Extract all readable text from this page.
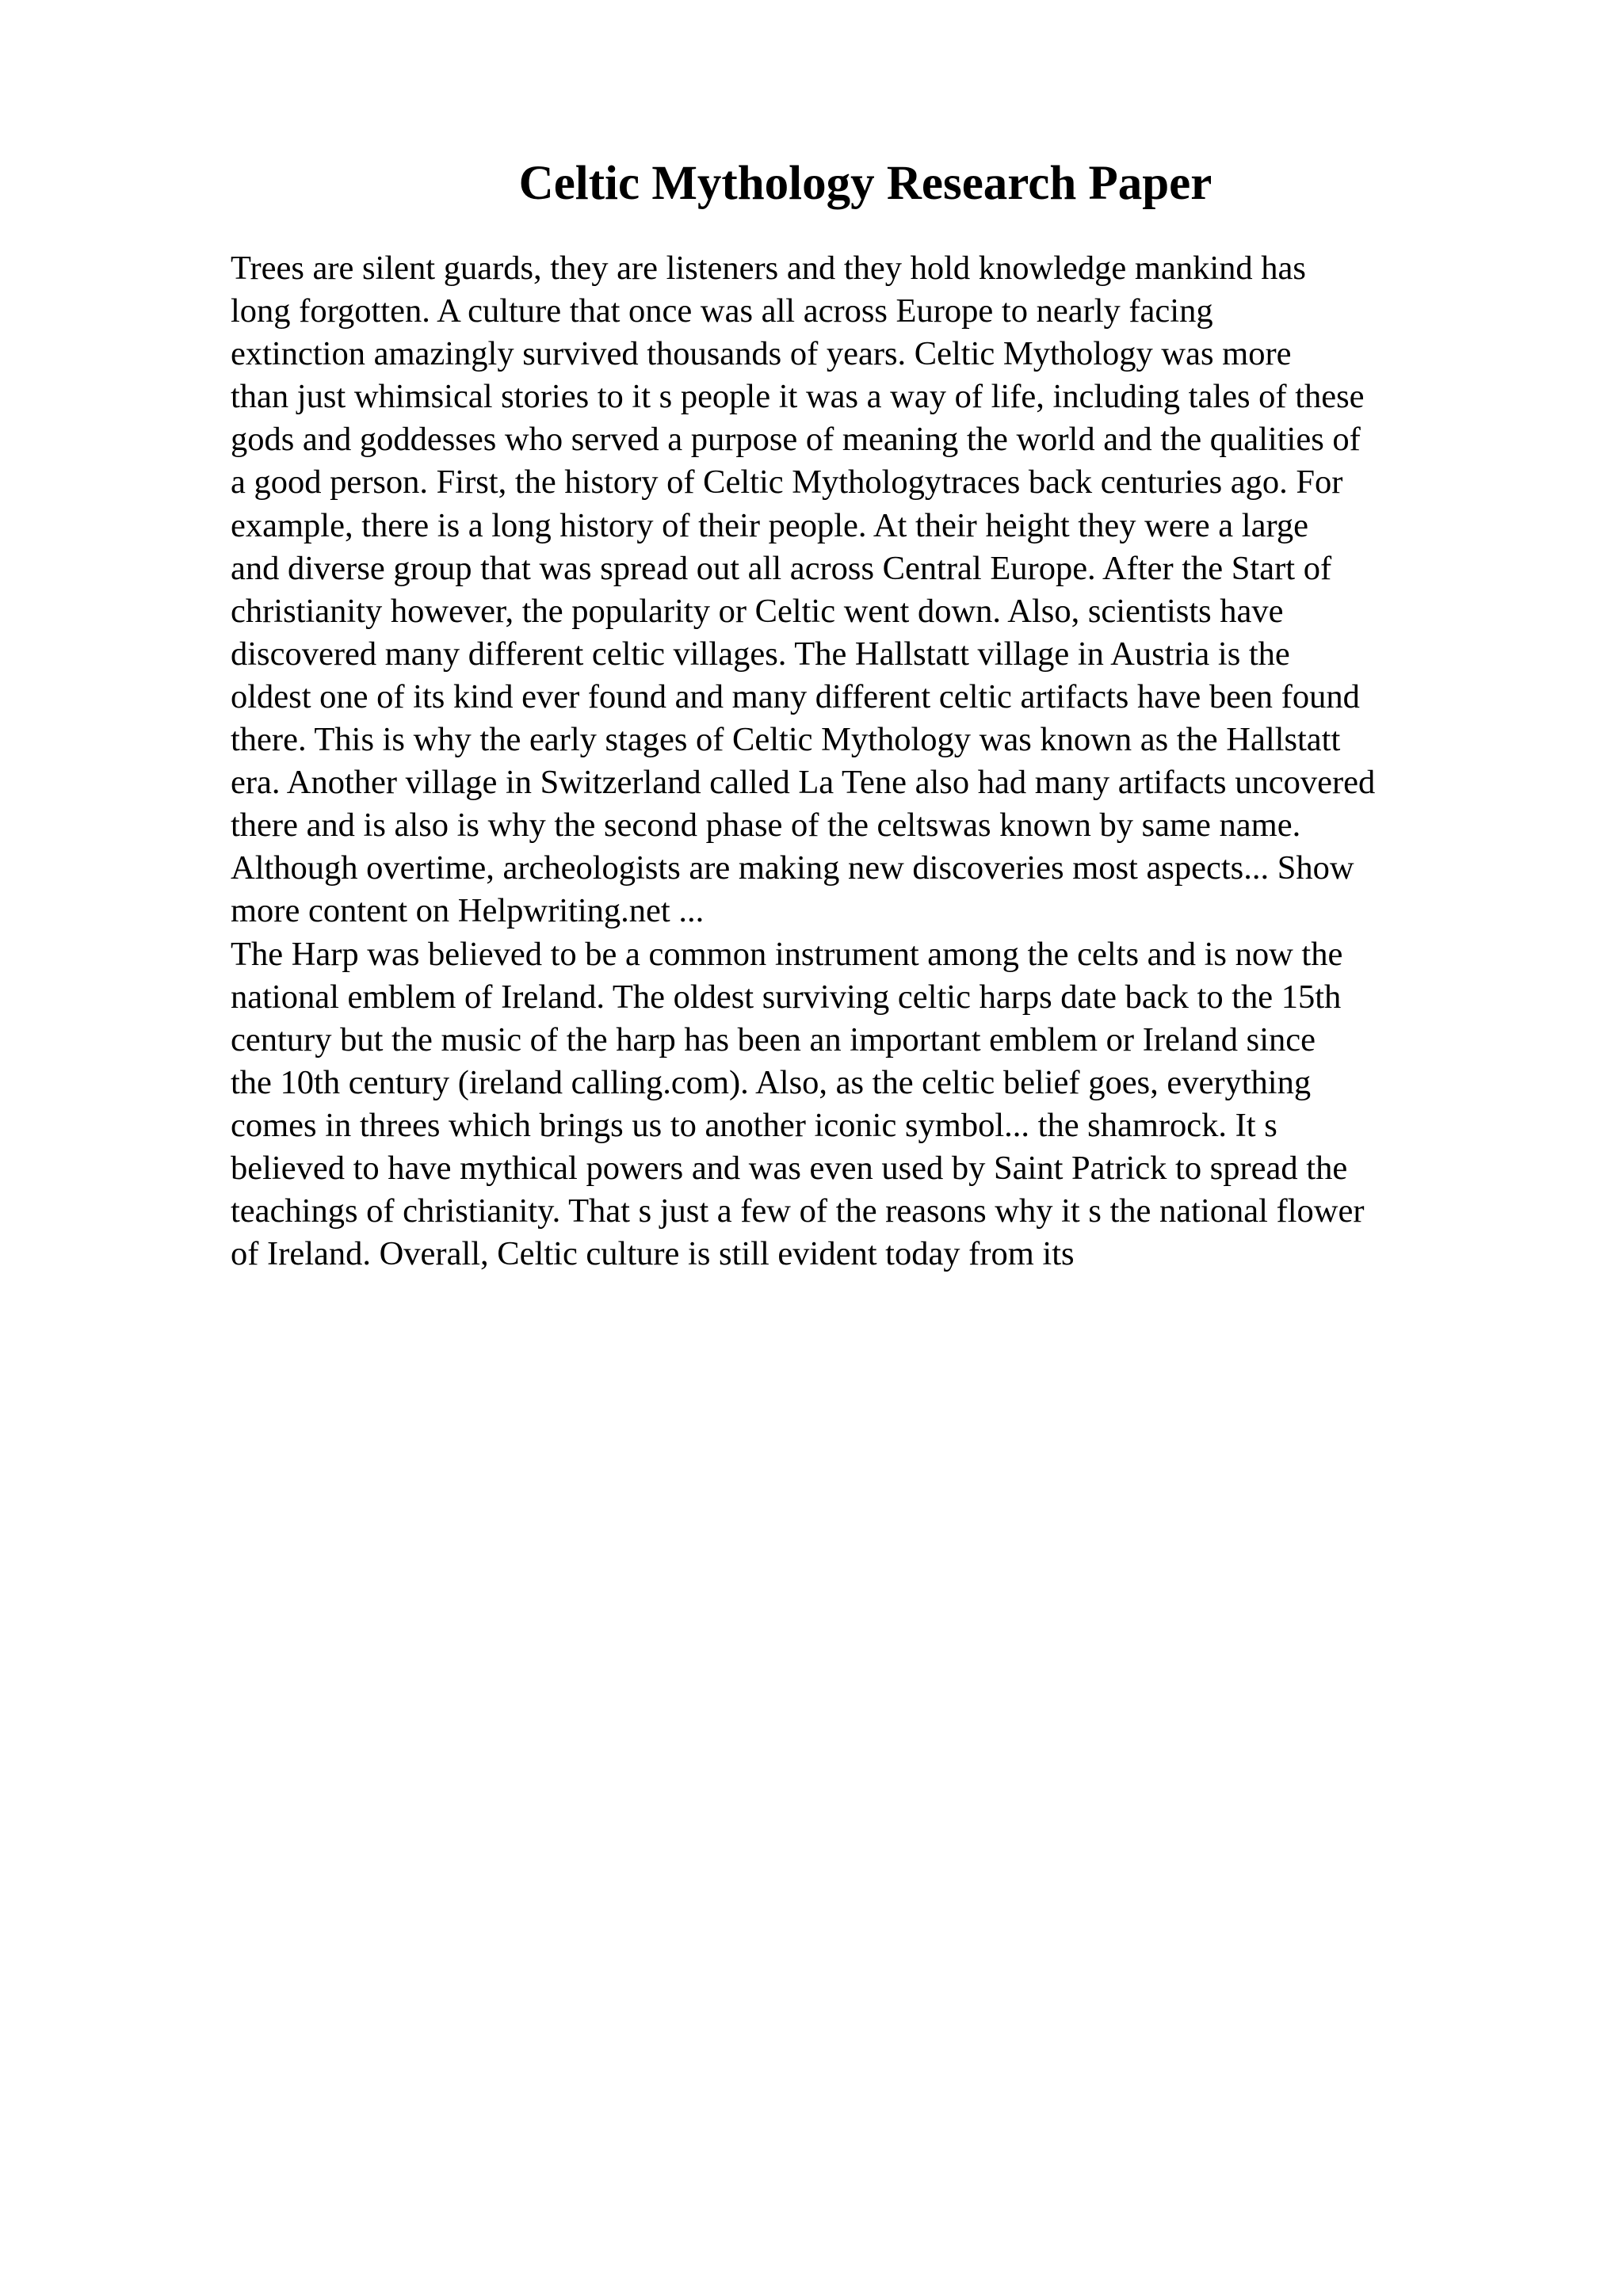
Celtic Mythology Research Paper
Trees are silent guards, they are listeners and they hold knowledge mankind has
long forgotten. A culture that once was all across Europe to nearly facing
extinction amazingly survived thousands of years. Celtic Mythology was more
than just whimsical stories to it s people it was a way of life, including tales of these
gods and goddesses who served a purpose of meaning the world and the qualities of
a good person. First, the history of Celtic Mythologytraces back centuries ago. For
example, there is a long history of their people. At their height they were a large
and diverse group that was spread out all across Central Europe. After the Start of
christianity however, the popularity or Celtic went down. Also, scientists have
discovered many different celtic villages. The Hallstatt village in Austria is the
oldest one of its kind ever found and many different celtic artifacts have been found
there. This is why the early stages of Celtic Mythology was known as the Hallstatt
era. Another village in Switzerland called La Tene also had many artifacts uncovered
there and is also is why the second phase of the celtswas known by same name.
Although overtime, archeologists are making new discoveries most aspects... Show
more content on Helpwriting.net ...
The Harp was believed to be a common instrument among the celts and is now the
national emblem of Ireland. The oldest surviving celtic harps date back to the 15th
century but the music of the harp has been an important emblem or Ireland since
the 10th century (ireland calling.com). Also, as the celtic belief goes, everything
comes in threes which brings us to another iconic symbol... the shamrock. It s
believed to have mythical powers and was even used by Saint Patrick to spread the
teachings of christianity. That s just a few of the reasons why it s the national flower
of Ireland. Overall, Celtic culture is still evident today from its
